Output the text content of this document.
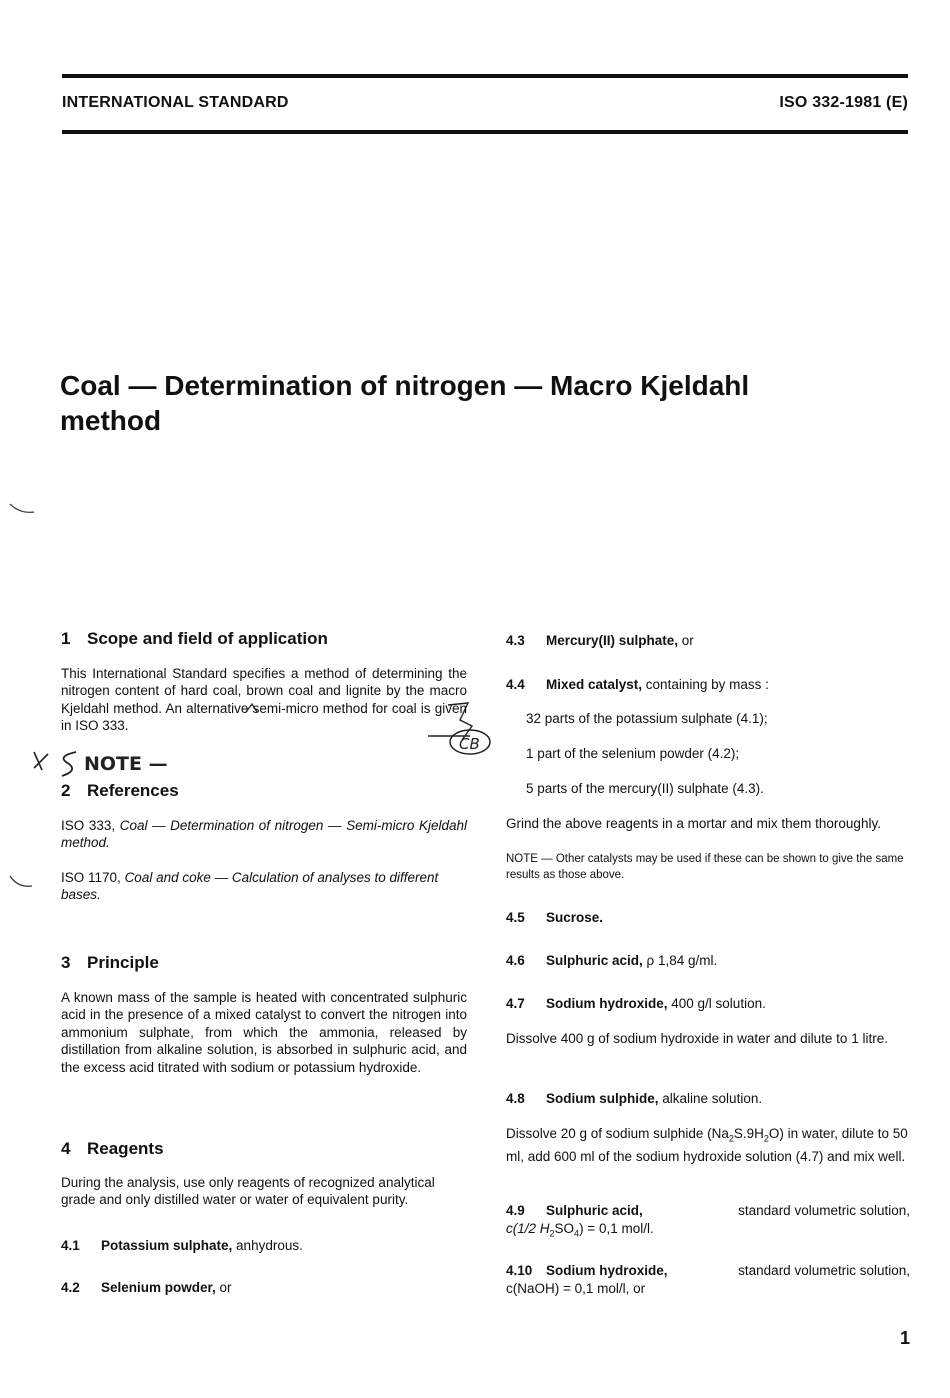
INTERNATIONAL STANDARD	ISO 332-1981 (E)
Coal — Determination of nitrogen — Macro Kjeldahl
method
CB
NOTE —
1 Scope and field of application
This International Standard specifies a method of determining the nitrogen content of hard coal, brown coal and lignite by the macro Kjeldahl method. An alternative semi-micro method for coal is given in ISO 333.
2 References
ISO 333, Coal — Determination of nitrogen — Semi-micro Kjeldahl method.
ISO 1170, Coal and coke — Calculation of analyses to different bases.
3 Principle
A known mass of the sample is heated with concentrated sulphuric acid in the presence of a mixed catalyst to convert the nitrogen into ammonium sulphate, from which the ammonia, released by distillation from alkaline solution, is absorbed in sulphuric acid, and the excess acid titrated with sodium or potassium hydroxide.
4 Reagents
During the analysis, use only reagents of recognized analytical grade and only distilled water or water of equivalent purity.
4.1 Potassium sulphate, anhydrous.
4.2 Selenium powder, or
4.3 Mercury(II) sulphate, or
4.4 Mixed catalyst, containing by mass :
32 parts of the potassium sulphate (4.1);
1 part of the selenium powder (4.2);
5 parts of the mercury(II) sulphate (4.3).
Grind the above reagents in a mortar and mix them thoroughly.
NOTE — Other catalysts may be used if these can be shown to give the same results as those above.
4.5 Sucrose.
4.6 Sulphuric acid, ρ 1,84 g/ml.
4.7 Sodium hydroxide, 400 g/l solution.
Dissolve 400 g of sodium hydroxide in water and dilute to 1 litre.
4.8 Sodium sulphide, alkaline solution.
Dissolve 20 g of sodium sulphide $(Na_2S.9H_2O)$ in water, dilute to 50 ml, add 600 ml of the sodium hydroxide solution (4.7) and mix well.
4.9 Sulphuric acid,	standard volumetric solution,
c(1/2 $H_2SO_4) = 0,1$ mol/l.
4.10 Sodium hydroxide,	standard volumetric solution,
c(NaOH) = 0,1 mol/l, or
1
